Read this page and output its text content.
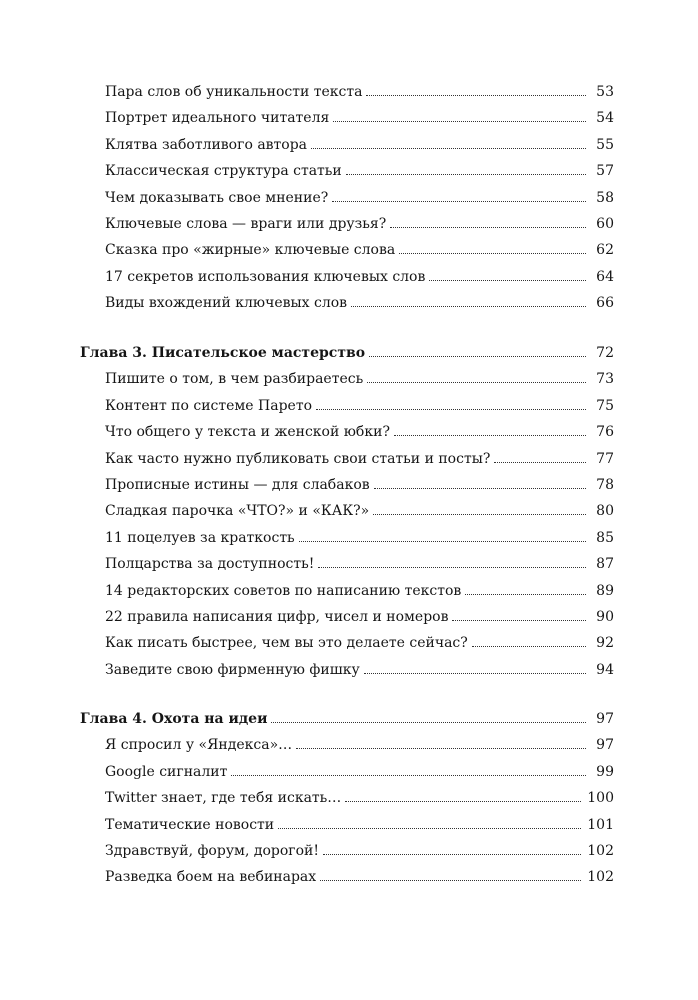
Пара слов об уникальности текста	53
Портрет идеального читателя	54
Клятва заботливого автора	55
Классическая структура статьи	57
Чем доказывать свое мнение?	58
Ключевые слова — враги или друзья?	60
Сказка про «жирные» ключевые слова	62
17 секретов использования ключевых слов	64
Виды вхождений ключевых слов	66
Глава 3. Писательское мастерство	72
Пишите о том, в чем разбираетесь	73
Контент по системе Парето	75
Что общего у текста и женской юбки?	76
Как часто нужно публиковать свои статьи и посты?	77
Прописные истины — для слабаков	78
Сладкая парочка «ЧТО?» и «КАК?»	80
11 поцелуев за краткость	85
Полцарства за доступность!	87
14 редакторских советов по написанию текстов	89
22 правила написания цифр, чисел и номеров	90
Как писать быстрее, чем вы это делаете сейчас?	92
Заведите свою фирменную фишку	94
Глава 4. Охота на идеи	97
Я спросил у «Яндекса»…	97
Google сигналит	99
Twitter знает, где тебя искать…	100
Тематические новости	101
Здравствуй, форум, дорогой!	102
Разведка боем на вебинарах	102
